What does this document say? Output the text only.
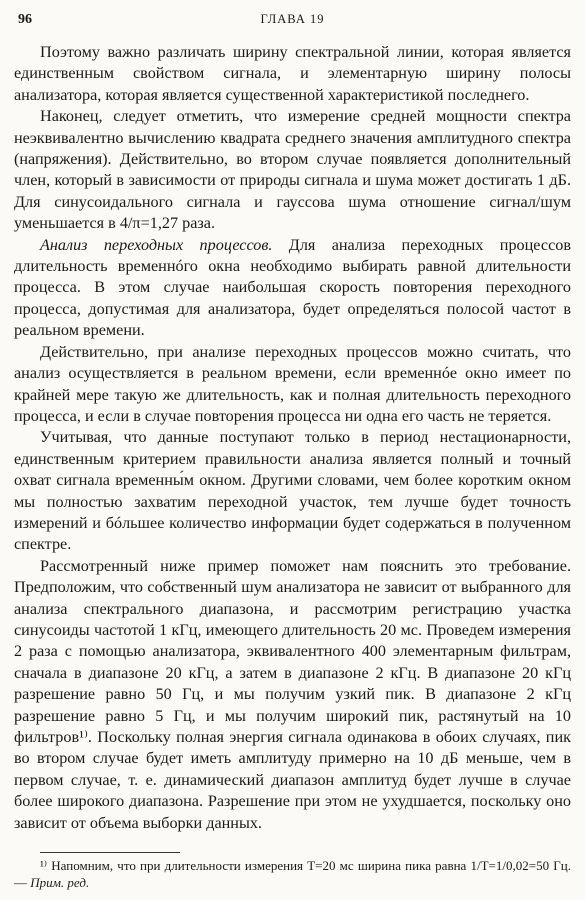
96	ГЛАВА 19

Поэтому важно различать ширину спектральной линии, которая является единственным свойством сигнала, и элементарную ширину полосы анализатора, которая является существенной характеристикой последнего.

Наконец, следует отметить, что измерение средней мощности спектра неэквивалентно вычислению квадрата среднего значения амплитудного спектра (напряжения). Действительно, во втором случае появляется дополнительный член, который в зависимости от природы сигнала и шума может достигать 1 дБ. Для синусоидального сигнала и гауссова шума отношение сигнал/шум уменьшается в 4/π=1,27 раза.

Анализ переходных процессов. Для анализа переходных процессов длительность временнóго окна необходимо выбирать равной длительности процесса. В этом случае наибольшая скорость повторения переходного процесса, допустимая для анализатора, будет определяться полосой частот в реальном времени.

Действительно, при анализе переходных процессов можно считать, что анализ осуществляется в реальном времени, если временнóе окно имеет по крайней мере такую же длительность, как и полная длительность переходного процесса, и если в случае повторения процесса ни одна его часть не теряется.

Учитывая, что данные поступают только в период нестационарности, единственным критерием правильности анализа является полный и точный охват сигнала временны́м окном. Другими словами, чем более коротким окном мы полностью захватим переходной участок, тем лучше будет точность измерений и бóльшее количество информации будет содержаться в полученном спектре.

Рассмотренный ниже пример поможет нам пояснить это требование. Предположим, что собственный шум анализатора не зависит от выбранного для анализа спектрального диапазона, и рассмотрим регистрацию участка синусоиды частотой 1 кГц, имеющего длительность 20 мс. Проведем измерения 2 раза с помощью анализатора, эквивалентного 400 элементарным фильтрам, сначала в диапазоне 20 кГц, а затем в диапазоне 2 кГц. В диапазоне 20 кГц разрешение равно 50 Гц, и мы получим узкий пик. В диапазоне 2 кГц разрешение равно 5 Гц, и мы получим широкий пик, растянутый на 10 фильтров¹⁾. Поскольку полная энергия сигнала одинакова в обоих случаях, пик во втором случае будет иметь амплитуду примерно на 10 дБ меньше, чем в первом случае, т. е. динамический диапазон амплитуд будет лучше в случае более широкого диапазона. Разрешение при этом не ухудшается, поскольку оно зависит от объема выборки данных.

¹⁾ Напомним, что при длительности измерения T=20 мс ширина пика равна 1/T=1/0,02=50 Гц. — Прим. ред.
